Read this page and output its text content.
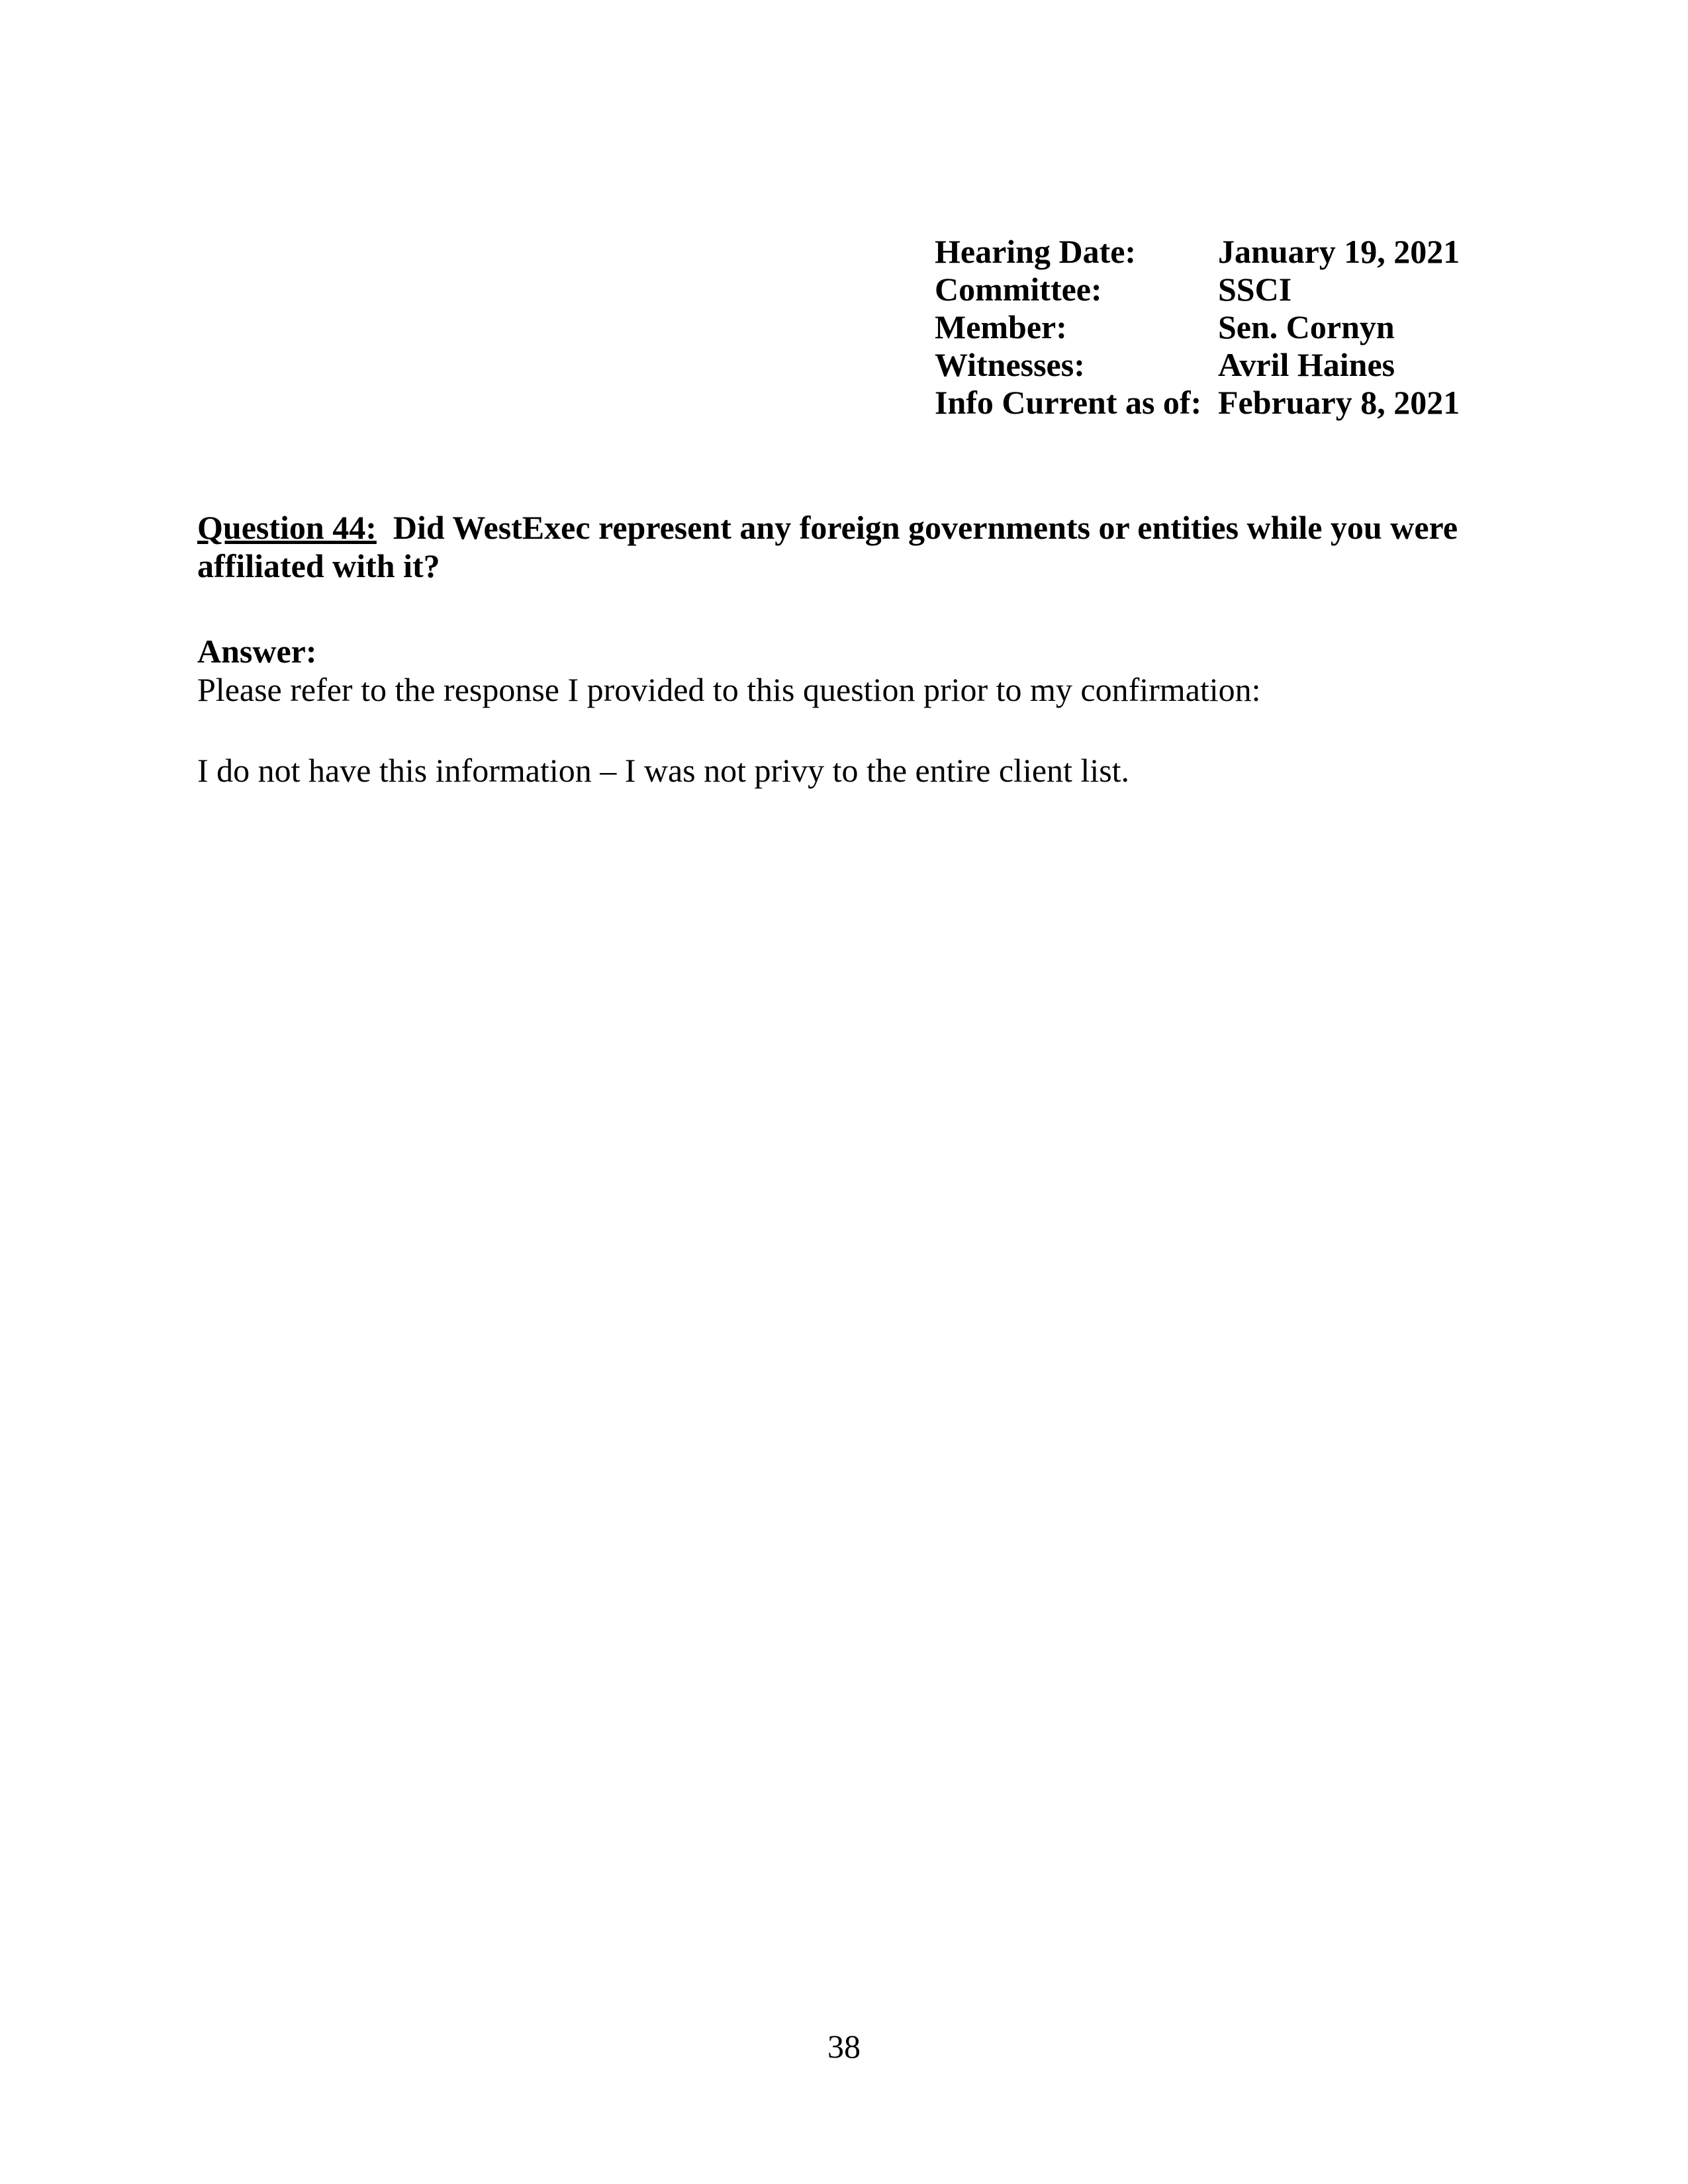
Hearing Date:	January 19, 2021
Committee:	SSCI
Member:	Sen. Cornyn
Witnesses:	Avril Haines
Info Current as of:	February 8, 2021
Question 44: Did WestExec represent any foreign governments or entities while you were affiliated with it?
Answer:
Please refer to the response I provided to this question prior to my confirmation:
I do not have this information – I was not privy to the entire client list.
38
